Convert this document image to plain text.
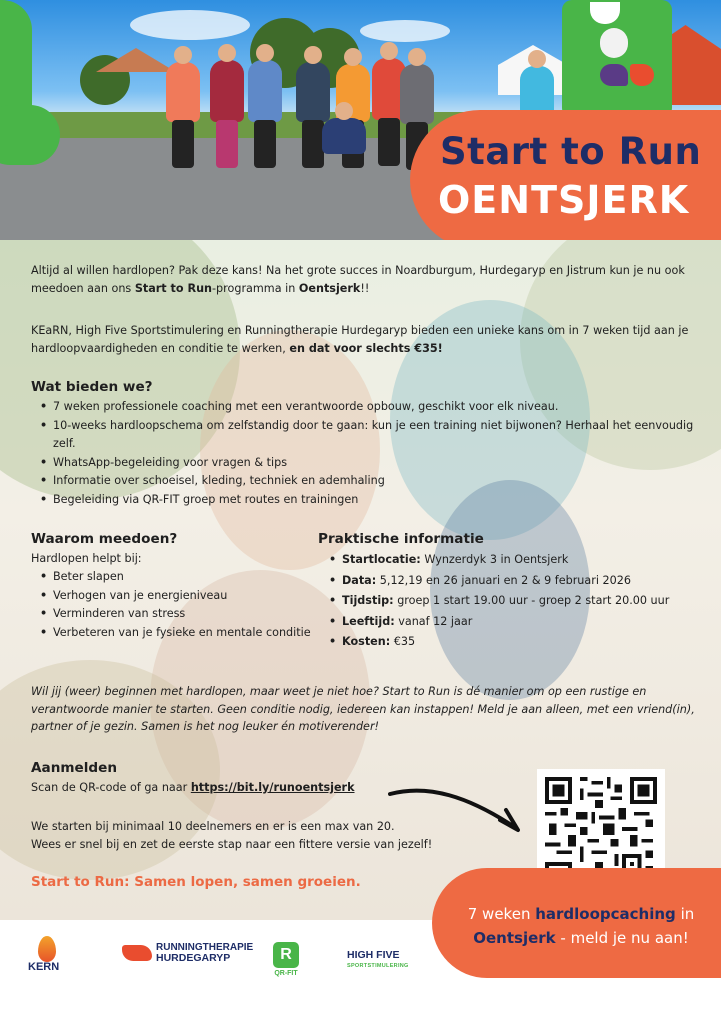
Start to Run
OENTSJERK

Altijd al willen hardlopen? Pak deze kans! Na het grote succes in Noardburgum, Hurdegaryp en Jistrum kun je nu ook meedoen aan ons Start to Run-programma in Oentsjerk!!

KEaRN, High Five Sportstimulering en Runningtherapie Hurdegaryp bieden een unieke kans om in 7 weken tijd aan je hardloopvaardigheden en conditie te werken, en dat voor slechts €35!

Wat bieden we?
• 7 weken professionele coaching met een verantwoorde opbouw, geschikt voor elk niveau.
• 10-weeks hardloopschema om zelfstandig door te gaan: kun je een training niet bijwonen? Herhaal het eenvoudig zelf.
• WhatsApp-begeleiding voor vragen & tips
• Informatie over schoeisel, kleding, techniek en ademhaling
• Begeleiding via QR-FIT groep met routes en trainingen
Waarom meedoen?
Hardlopen helpt bij:
• Beter slapen
• Verhogen van je energieniveau
• Verminderen van stress
• Verbeteren van je fysieke en mentale conditie
Praktische informatie
• Startlocatie: Wynzerdyk 3 in Oentsjerk
• Data: 5,12,19 en 26 januari en 2 & 9 februari 2026
• Tijdstip: groep 1 start 19.00 uur - groep 2 start 20.00 uur
• Leeftijd: vanaf 12 jaar
• Kosten: €35

Wil jij (weer) beginnen met hardlopen, maar weet je niet hoe? Start to Run is dé manier om op een rustige en verantwoorde manier te starten. Geen conditie nodig, iedereen kan instappen! Meld je aan alleen, met een vriend(in), partner of je gezin. Samen is het nog leuker én motiverender!

Aanmelden

Scan de QR-code of ga naar https://bit.ly/runoentsjerk

We starten bij minimaal 10 deelnemers en er is een max van 20.

Wees er snel bij en zet de eerste stap naar een fittere versie van jezelf!

Start to Run: Samen lopen, samen groeien.
7 weken hardloopcaching in
Oentsjerk - meld je nu aan!
KERN
RUNNINGTHERAPIE
HURDEGARYP	R
QR-FIT
HIGH FIVE
SPORTSTIMULERING
